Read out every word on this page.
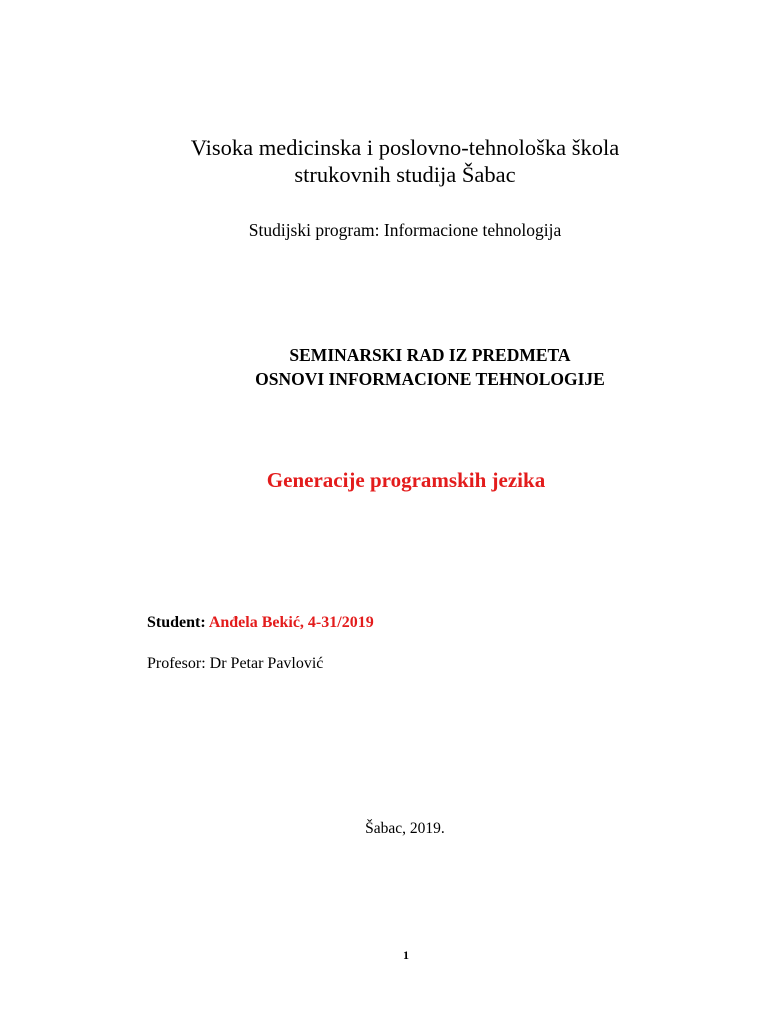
Visoka medicinska i poslovno-tehnološka škola
strukovnih studija Šabac
Studijski program: Informacione tehnologija
SEMINARSKI RAD IZ PREDMETA
OSNOVI INFORMACIONE TEHNOLOGIJE
Generacije programskih jezika
Student: Anđela Bekić, 4-31/2019
Profesor: Dr Petar Pavlović
Šabac, 2019.
1
